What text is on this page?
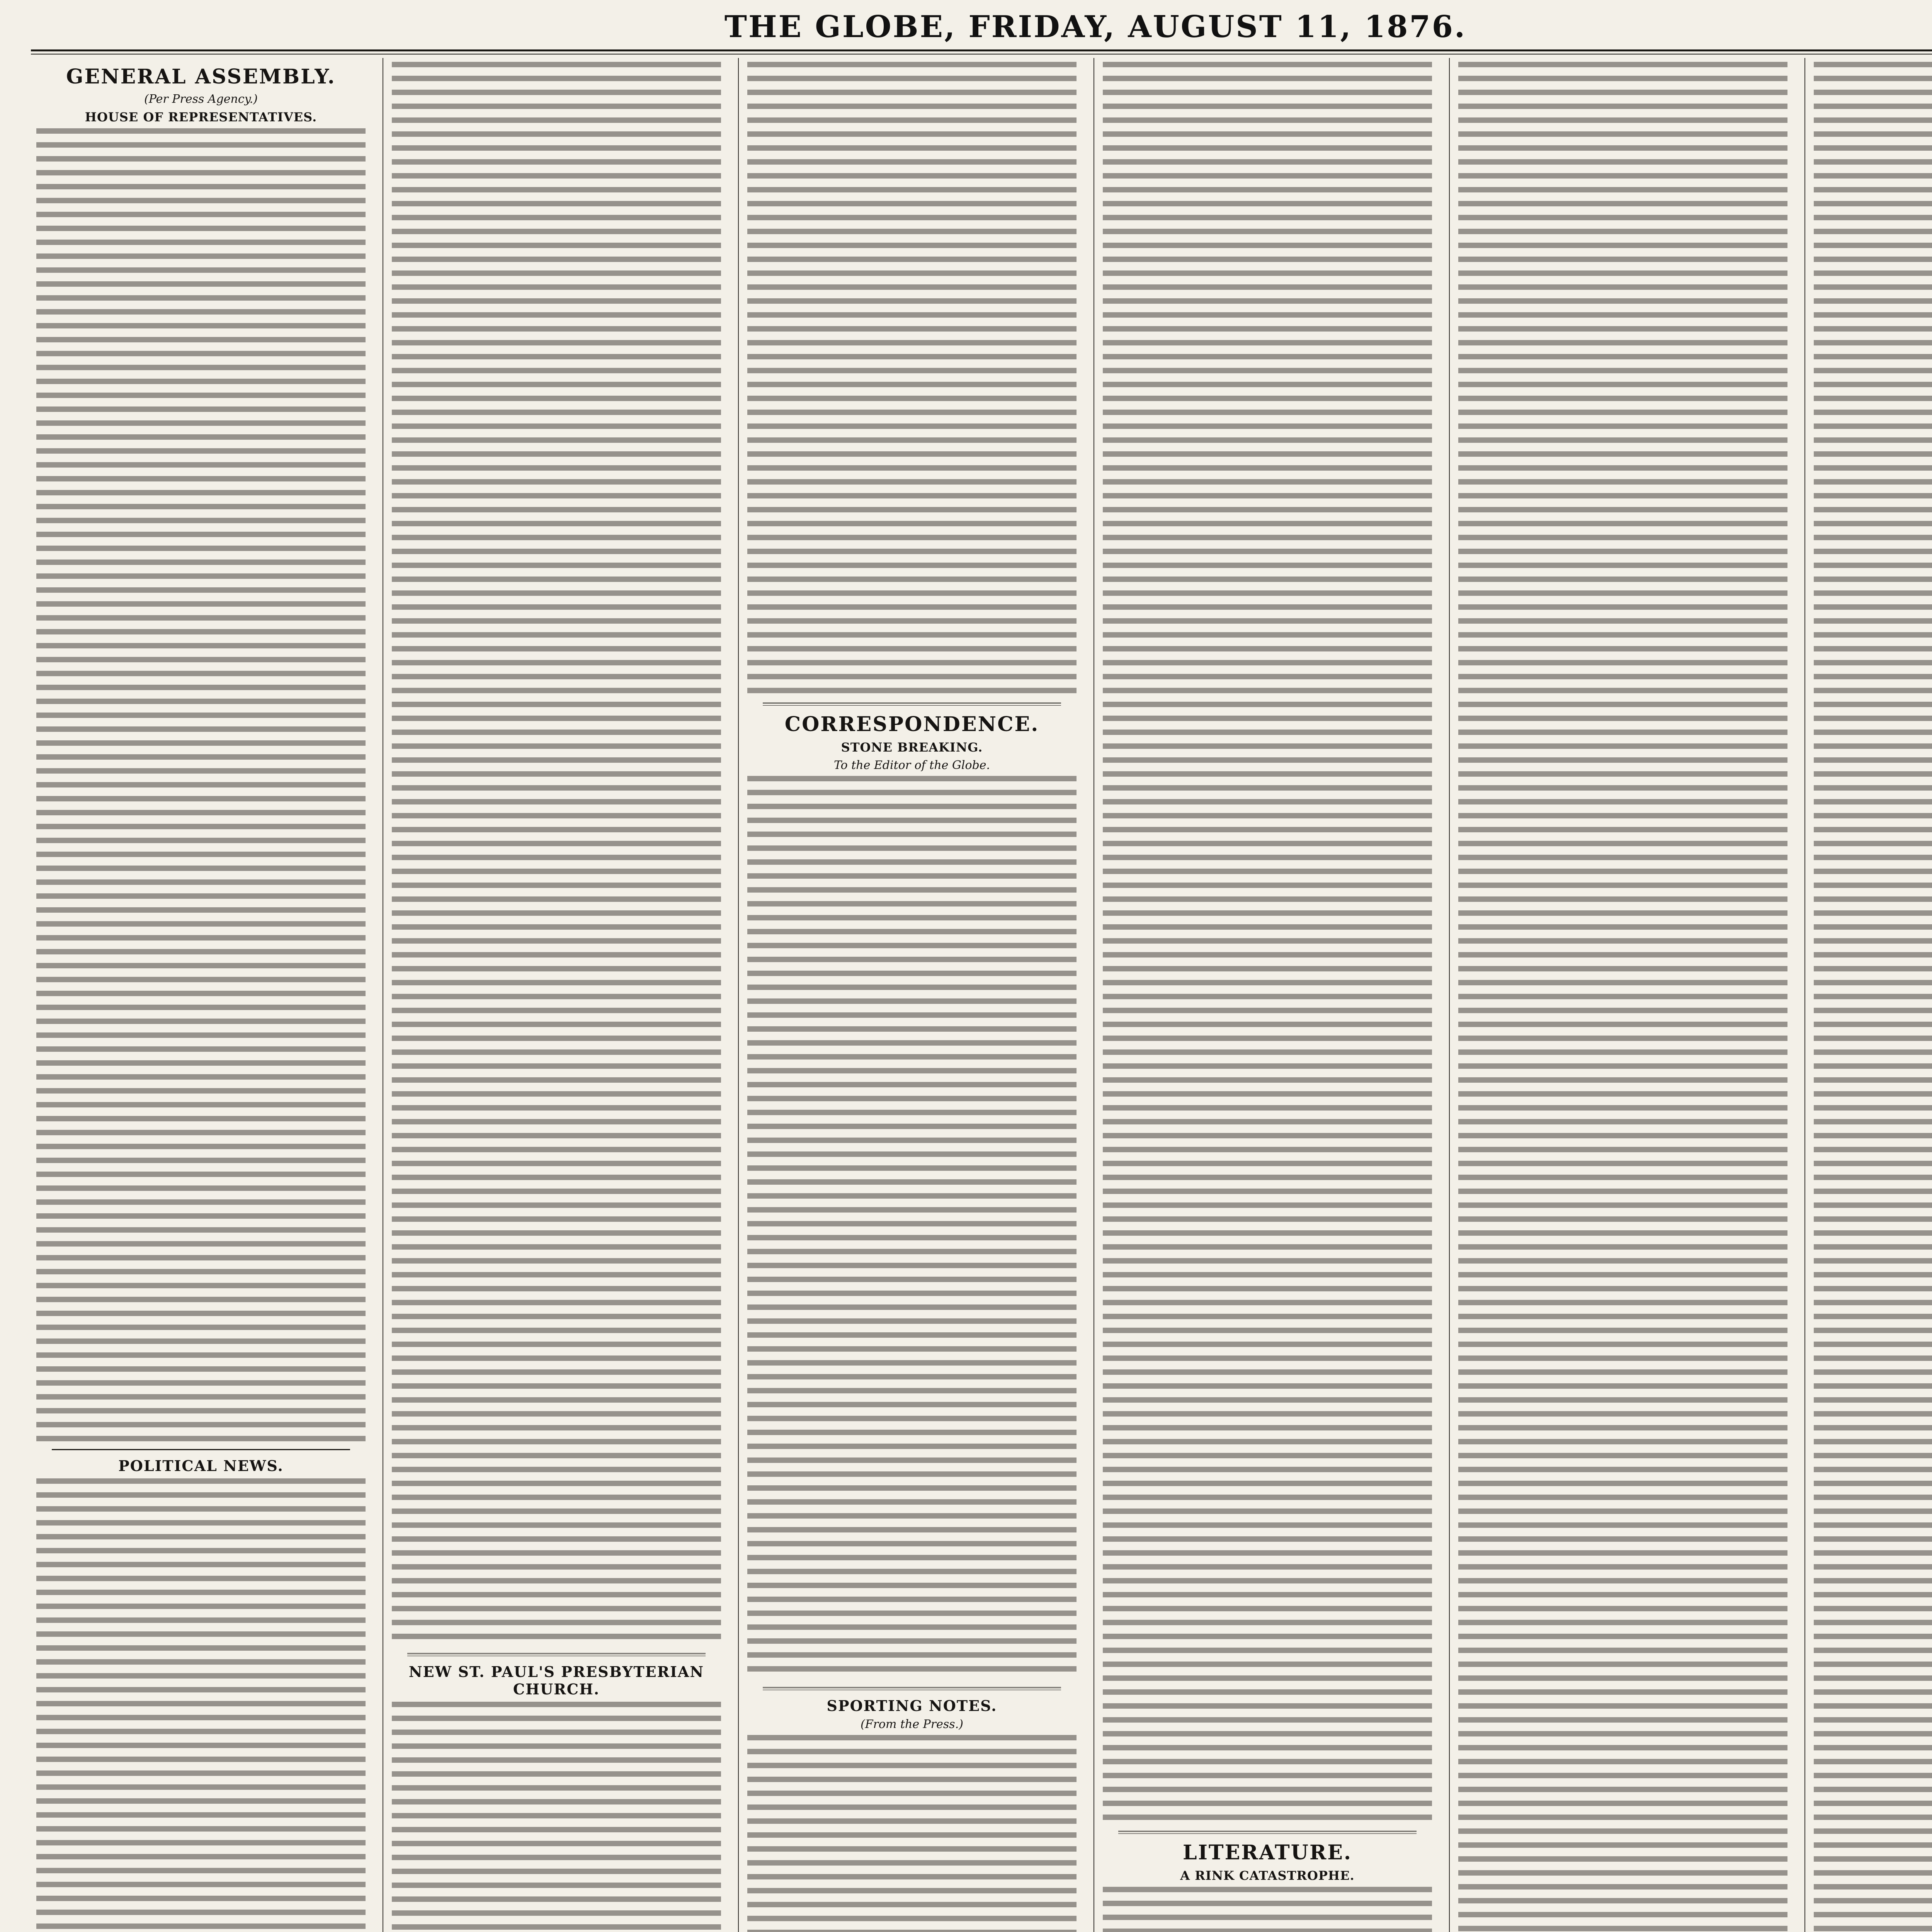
THE GLOBE, FRIDAY, AUGUST 11, 1876.
GENERAL ASSEMBLY.
(Per Press Agency.)
HOUSE OF REPRESENTATIVES.
POLITICAL NEWS.
NEW ST. PAUL'S PRESBYTERIAN CHURCH.
CORRESPONDENCE.
STONE BREAKING.
To the Editor of the Globe.
SPORTING NOTES.
(From the Press.)
LITERATURE.
A RINK CATASTROPHE.
